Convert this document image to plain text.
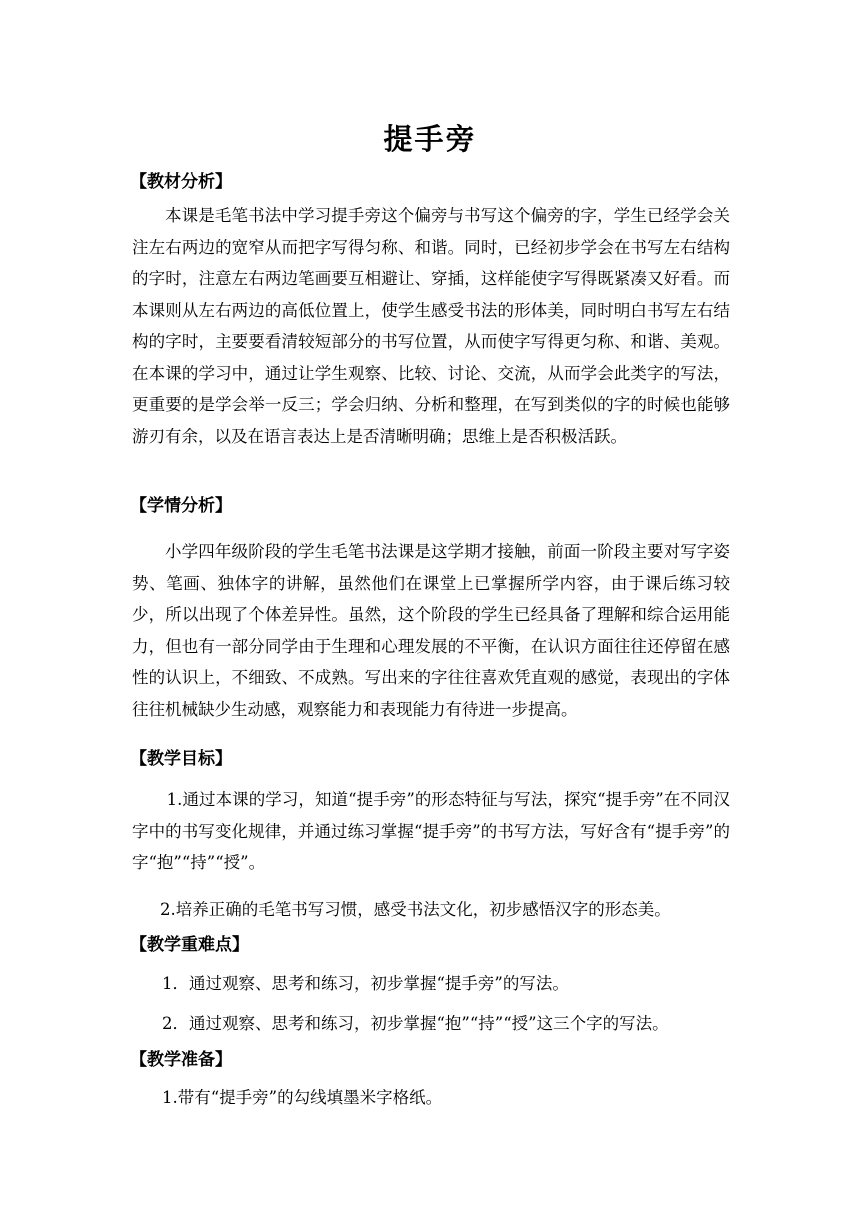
提手旁
【教材分析】

本课是毛笔书法中学习提手旁这个偏旁与书写这个偏旁的字，学生已经学会关注左右两边的宽窄从而把字写得匀称、和谐。同时，已经初步学会在书写左右结构的字时，注意左右两边笔画要互相避让、穿插，这样能使字写得既紧凑又好看。而本课则从左右两边的高低位置上，使学生感受书法的形体美，同时明白书写左右结构的字时，主要要看清较短部分的书写位置，从而使字写得更匀称、和谐、美观。在本课的学习中，通过让学生观察、比较、讨论、交流，从而学会此类字的写法，更重要的是学会举一反三；学会归纳、分析和整理，在写到类似的字的时候也能够游刃有余，以及在语言表达上是否清晰明确；思维上是否积极活跃。

【学情分析】

小学四年级阶段的学生毛笔书法课是这学期才接触，前面一阶段主要对写字姿势、笔画、独体字的讲解，虽然他们在课堂上已掌握所学内容，由于课后练习较少，所以出现了个体差异性。虽然，这个阶段的学生已经具备了理解和综合运用能力，但也有一部分同学由于生理和心理发展的不平衡，在认识方面往往还停留在感性的认识上，不细致、不成熟。写出来的字往往喜欢凭直观的感觉，表现出的字体往往机械缺少生动感，观察能力和表现能力有待进一步提高。

【教学目标】

1.通过本课的学习，知道“提手旁”的形态特征与写法，探究“提手旁”在不同汉字中的书写变化规律，并通过练习掌握“提手旁”的书写方法，写好含有“提手旁”的字“抱”“持”“授”。

2.培养正确的毛笔书写习惯，感受书法文化，初步感悟汉字的形态美。

【教学重难点】

1．通过观察、思考和练习，初步掌握“提手旁”的写法。

2．通过观察、思考和练习，初步掌握“抱”“持”“授”这三个字的写法。

【教学准备】

1.带有“提手旁”的勾线填墨米字格纸。
